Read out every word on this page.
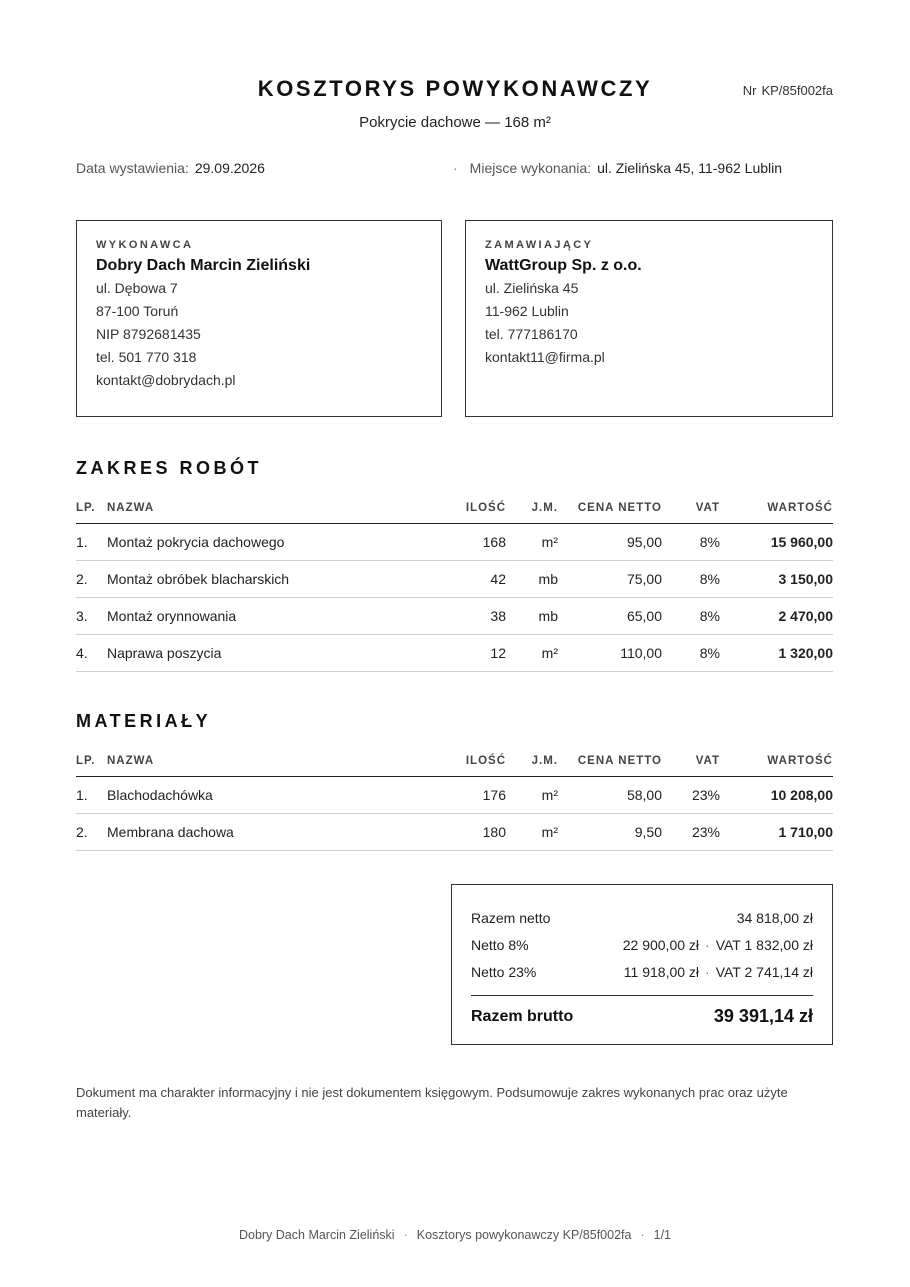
KOSZTORYS POWYKONAWCZY	Nr KP/85f002fa
Pokrycie dachowe — 168 m²
Data wystawienia: 29.09.2026	· Miejsce wykonania: ul. Zielińska 45, 11-962 Lublin
WYKONAWCA
Dobry Dach Marcin Zieliński
ul. Dębowa 7
87-100 Toruń
NIP 8792681435
tel. 501 770 318
kontakt@dobrydach.pl
ZAMAWIAJĄCY
WattGroup Sp. z o.o.
ul. Zielińska 45
11-962 Lublin
tel. 777186170
kontakt11@firma.pl
ZAKRES ROBÓT
LP.	NAZWA	ILOŚĆ	J.M.	CENA NETTO	VAT	WARTOŚĆ
1.	Montaż pokrycia dachowego	168	m²	95,00	8%	15 960,00
2.	Montaż obróbek blacharskich	42	mb	75,00	8%	3 150,00
3.	Montaż orynnowania	38	mb	65,00	8%	2 470,00
4.	Naprawa poszycia	12	m²	110,00	8%	1 320,00
MATERIAŁY
LP.	NAZWA	ILOŚĆ	J.M.	CENA NETTO	VAT	WARTOŚĆ
1.	Blachodachówka	176	m²	58,00	23%	10 208,00
2.	Membrana dachowa	180	m²	9,50	23%	1 710,00
Razem netto	34 818,00 zł
Netto 8%	22 900,00 zł · VAT 1 832,00 zł
Netto 23%	11 918,00 zł · VAT 2 741,14 zł
Razem brutto	39 391,14 zł
Dokument ma charakter informacyjny i nie jest dokumentem księgowym. Podsumowuje zakres wykonanych prac oraz użyte materiały.
Dobry Dach Marcin Zieliński · Kosztorys powykonawczy KP/85f002fa · 1/1
